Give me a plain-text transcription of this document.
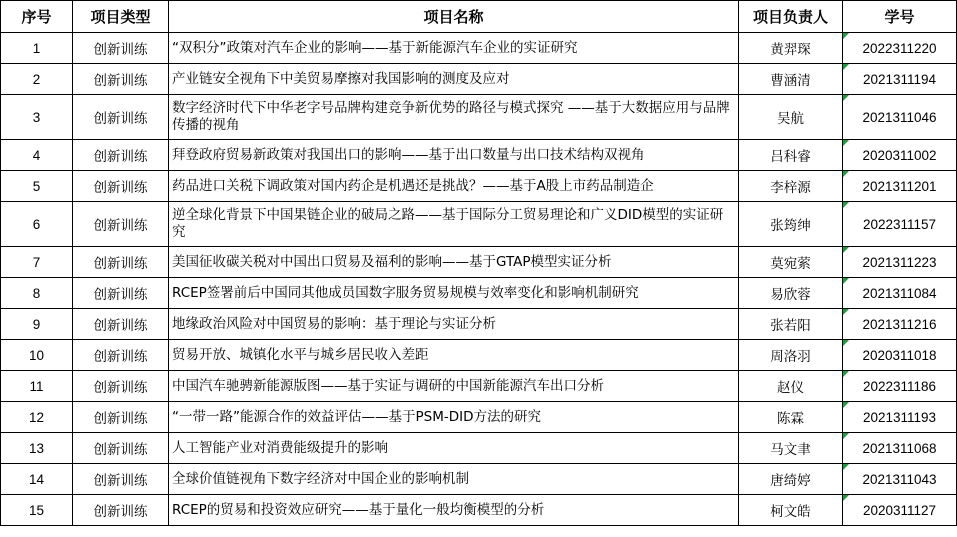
序号	项目类型	项目名称	项目负责人	学号
1	创新训练	“双积分”政策对汽车企业的影响——基于新能源汽车企业的实证研究	黄羿琛	2022311220
2	创新训练	产业链安全视角下中美贸易摩擦对我国影响的测度及应对	曹涵清	2021311194
3	创新训练	数字经济时代下中华老字号品牌构建竞争新优势的路径与模式探究 ——基于大数据应用与品牌传播的视角	吴航	2021311046
4	创新训练	拜登政府贸易新政策对我国出口的影响——基于出口数量与出口技术结构双视角	吕科睿	2020311002
5	创新训练	药品进口关税下调政策对国内药企是机遇还是挑战？——基于A股上市药品制造企	李梓源	2021311201
6	创新训练	逆全球化背景下中国果链企业的破局之路——基于国际分工贸易理论和广义DID模型的实证研究	张筠绅	2022311157
7	创新训练	美国征收碳关税对中国出口贸易及福利的影响——基于GTAP模型实证分析	莫宛萦	2021311223
8	创新训练	RCEP签署前后中国同其他成员国数字服务贸易规模与效率变化和影响机制研究	易欣蓉	2021311084
9	创新训练	地缘政治风险对中国贸易的影响：基于理论与实证分析	张若阳	2021311216
10	创新训练	贸易开放、城镇化水平与城乡居民收入差距	周洛羽	2020311018
11	创新训练	中国汽车驰骋新能源版图——基于实证与调研的中国新能源汽车出口分析	赵仪	2022311186
12	创新训练	“一带一路”能源合作的效益评估——基于PSM-DID方法的研究	陈霖	2021311193
13	创新训练	人工智能产业对消费能级提升的影响	马文聿	2021311068
14	创新训练	全球价值链视角下数字经济对中国企业的影响机制	唐绮婷	2021311043
15	创新训练	RCEP的贸易和投资效应研究——基于量化一般均衡模型的分析	柯文皓	2020311127
